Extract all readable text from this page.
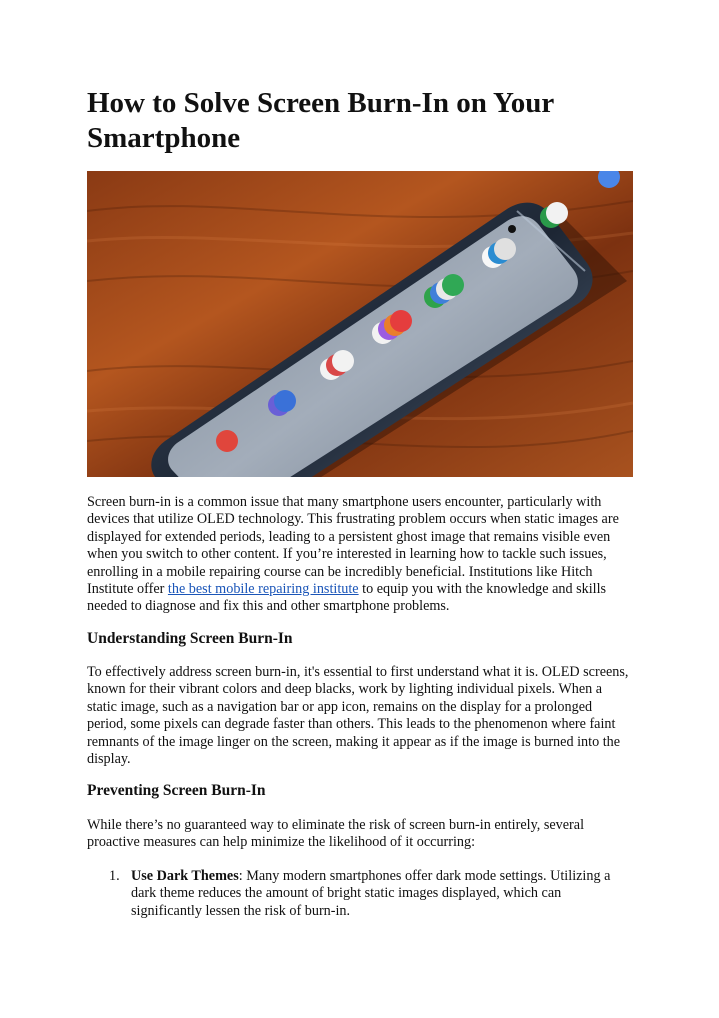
How to Solve Screen Burn-In on Your Smartphone

Screen burn-in is a common issue that many smartphone users encounter, particularly with devices that utilize OLED technology. This frustrating problem occurs when static images are displayed for extended periods, leading to a persistent ghost image that remains visible even when you switch to other content. If you’re interested in learning how to tackle such issues, enrolling in a mobile repairing course can be incredibly beneficial. Institutions like Hitch Institute offer the best mobile repairing institute to equip you with the knowledge and skills needed to diagnose and fix this and other smartphone problems.

Understanding Screen Burn-In

To effectively address screen burn-in, it's essential to first understand what it is. OLED screens, known for their vibrant colors and deep blacks, work by lighting individual pixels. When a static image, such as a navigation bar or app icon, remains on the display for a prolonged period, some pixels can degrade faster than others. This leads to the phenomenon where faint remnants of the image linger on the screen, making it appear as if the image is burned into the display.

Preventing Screen Burn-In

While there’s no guaranteed way to eliminate the risk of screen burn-in entirely, several proactive measures can help minimize the likelihood of it occurring:

1. Use Dark Themes: Many modern smartphones offer dark mode settings. Utilizing a dark theme reduces the amount of bright static images displayed, which can significantly lessen the risk of burn-in.
